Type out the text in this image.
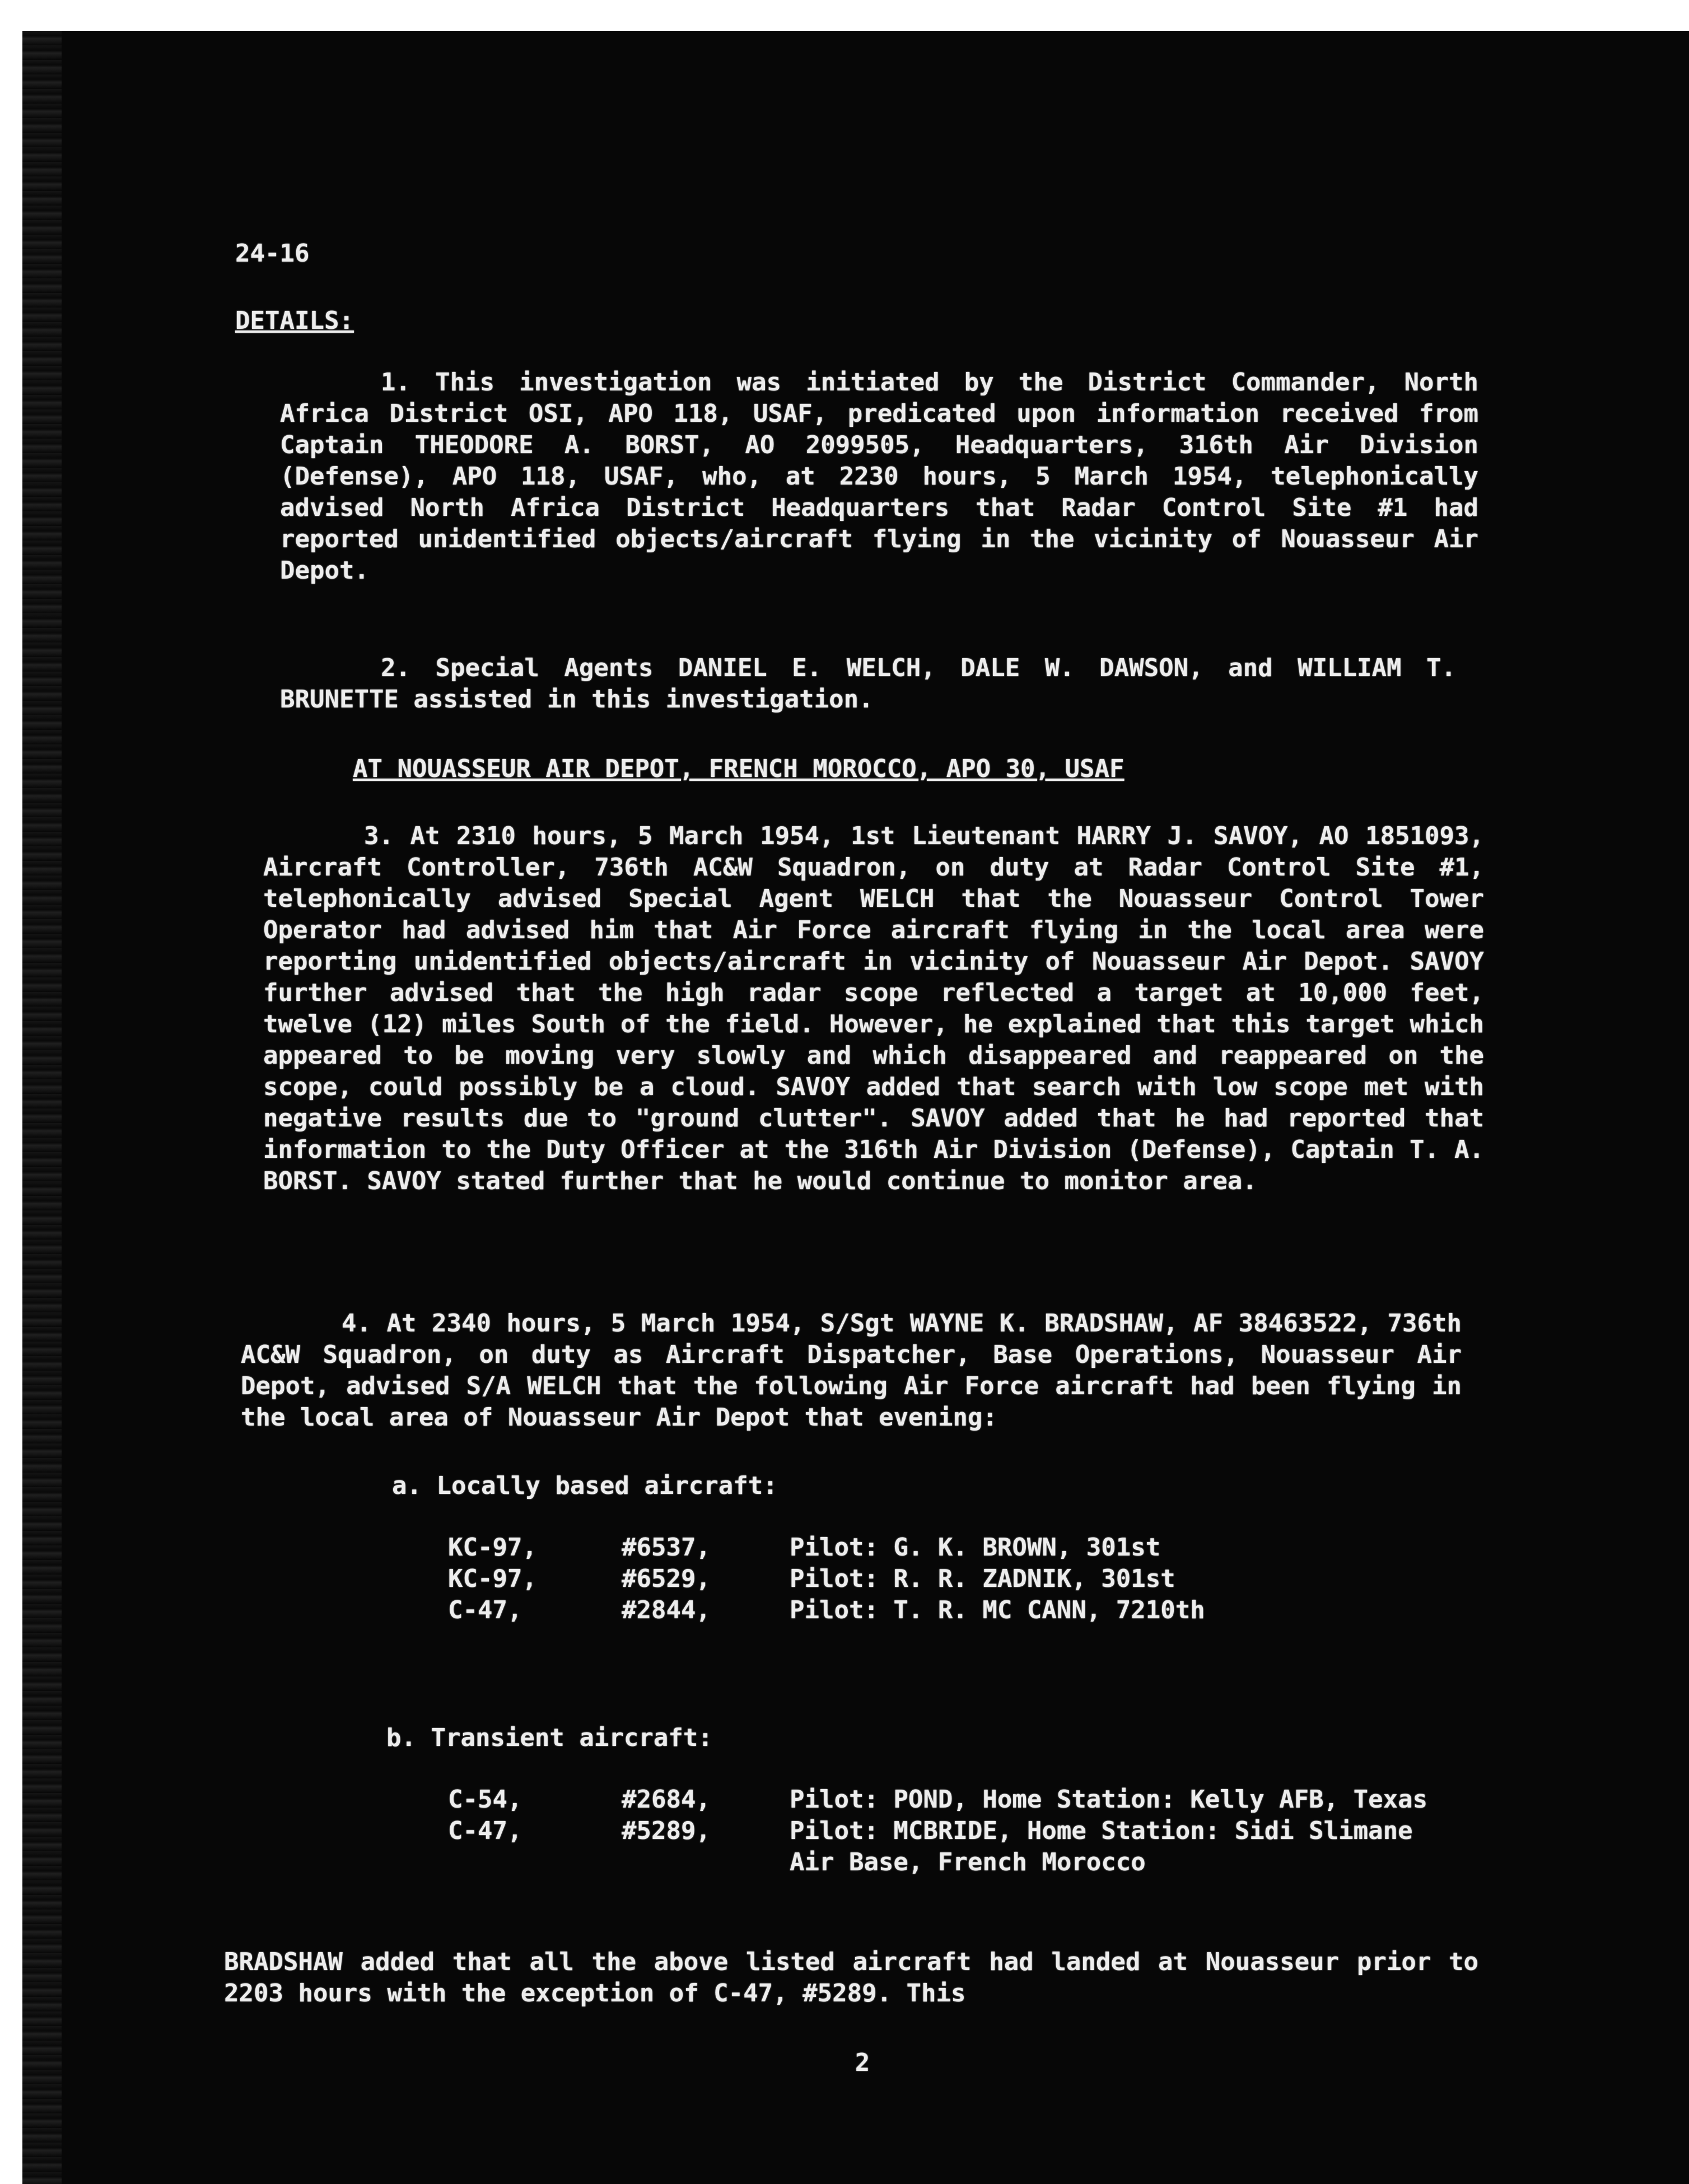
24-16
DETAILS:
1. This investigation was initiated by the District Commander, North Africa District OSI, APO 118, USAF, predicated upon information received from Captain THEODORE A. BORST, AO 2099505, Headquarters, 316th Air Division (Defense), APO 118, USAF, who, at 2230 hours, 5 March 1954, telephonically advised North Africa District Headquarters that Radar Control Site #1 had reported unidentified objects/aircraft flying in the vicinity of Nouasseur Air Depot.
2. Special Agents DANIEL E. WELCH, DALE W. DAWSON, and WILLIAM T. BRUNETTE assisted in this investigation.
AT NOUASSEUR AIR DEPOT, FRENCH MOROCCO, APO 30, USAF
3. At 2310 hours, 5 March 1954, 1st Lieutenant HARRY J. SAVOY, AO 1851093, Aircraft Controller, 736th AC&W Squadron, on duty at Radar Control Site #1, telephonically advised Special Agent WELCH that the Nouasseur Control Tower Operator had advised him that Air Force aircraft flying in the local area were reporting unidentified objects/aircraft in vicinity of Nouasseur Air Depot. SAVOY further advised that the high radar scope reflected a target at 10,000 feet, twelve (12) miles South of the field. However, he explained that this target which appeared to be moving very slowly and which disappeared and reappeared on the scope, could possibly be a cloud. SAVOY added that search with low scope met with negative results due to "ground clutter". SAVOY added that he had reported that information to the Duty Officer at the 316th Air Division (Defense), Captain T. A. BORST. SAVOY stated further that he would continue to monitor area.
4. At 2340 hours, 5 March 1954, S/Sgt WAYNE K. BRADSHAW, AF 38463522, 736th AC&W Squadron, on duty as Aircraft Dispatcher, Base Operations, Nouasseur Air Depot, advised S/A WELCH that the following Air Force aircraft had been flying in the local area of Nouasseur Air Depot that evening:
a. Locally based aircraft:
KC-97,	#6537,	Pilot: G. K. BROWN, 301st
KC-97,	#6529,	Pilot: R. R. ZADNIK, 301st
C-47,	#2844,	Pilot: T. R. MC CANN, 7210th
b. Transient aircraft:
C-54,	#2684,	Pilot: POND, Home Station: Kelly AFB, Texas
C-47,	#5289,	Pilot: MCBRIDE, Home Station: Sidi Slimane
Air Base, French Morocco
BRADSHAW added that all the above listed aircraft had landed at Nouasseur prior to 2203 hours with the exception of C-47, #5289. This
2
